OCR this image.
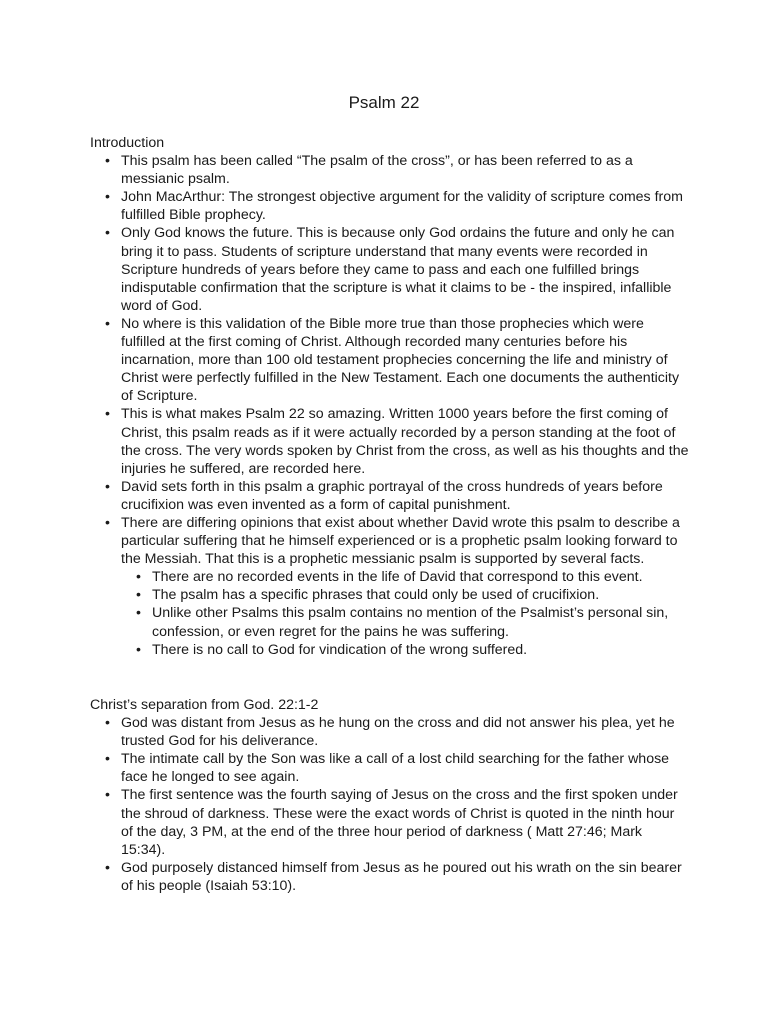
Psalm 22
Introduction
• This psalm has been called “The psalm of the cross”, or has been referred to as a messianic psalm.
• John MacArthur: The strongest objective argument for the validity of scripture comes from fulfilled Bible prophecy.
• Only God knows the future. This is because only God ordains the future and only he can bring it to pass. Students of scripture understand that many events were recorded in Scripture hundreds of years before they came to pass and each one fulfilled brings indisputable confirmation that the scripture is what it claims to be - the inspired, infallible word of God.
• No where is this validation of the Bible more true than those prophecies which were fulfilled at the first coming of Christ. Although recorded many centuries before his incarnation, more than 100 old testament prophecies concerning the life and ministry of Christ were perfectly fulfilled in the New Testament. Each one documents the authenticity of Scripture.
• This is what makes Psalm 22 so amazing. Written 1000 years before the first coming of Christ, this psalm reads as if it were actually recorded by a person standing at the foot of the cross. The very words spoken by Christ from the cross, as well as his thoughts and the injuries he suffered, are recorded here.
• David sets forth in this psalm a graphic portrayal of the cross hundreds of years before crucifixion was even invented as a form of capital punishment.
• There are differing opinions that exist about whether David wrote this psalm to describe a particular suffering that he himself experienced or is a prophetic psalm looking forward to the Messiah. That this is a prophetic messianic psalm is supported by several facts.
• There are no recorded events in the life of David that correspond to this event.
• The psalm has a specific phrases that could only be used of crucifixion.
• Unlike other Psalms this psalm contains no mention of the Psalmist’s personal sin, confession, or even regret for the pains he was suffering.
• There is no call to God for vindication of the wrong suffered.
Christ’s separation from God. 22:1-2
• God was distant from Jesus as he hung on the cross and did not answer his plea, yet he trusted God for his deliverance.
• The intimate call by the Son was like a call of a lost child searching for the father whose face he longed to see again.
• The first sentence was the fourth saying of Jesus on the cross and the first spoken under the shroud of darkness. These were the exact words of Christ is quoted in the ninth hour of the day, 3 PM, at the end of the three hour period of darkness ( Matt 27:46; Mark 15:34).
• God purposely distanced himself from Jesus as he poured out his wrath on the sin bearer of his people (Isaiah 53:10).
